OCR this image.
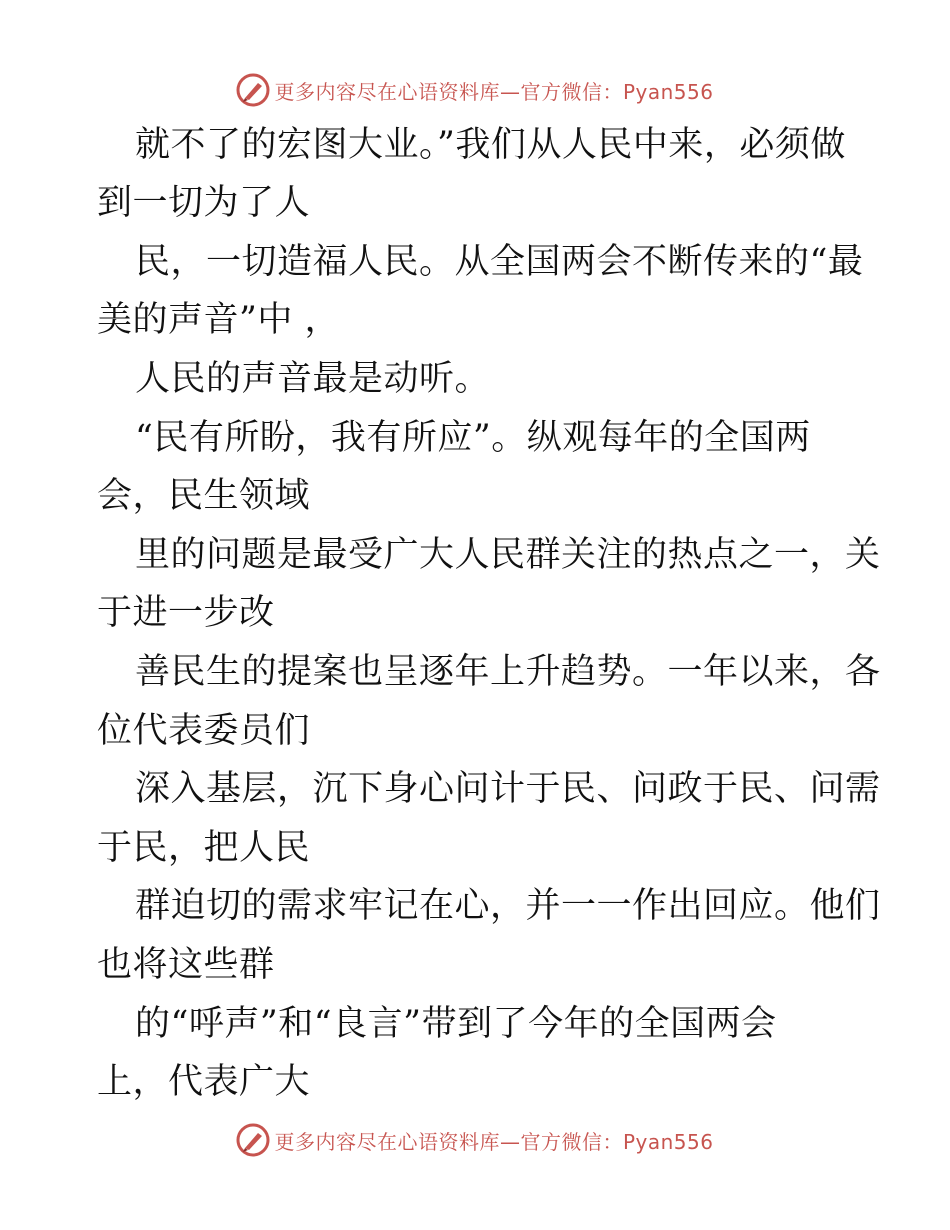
更多内容尽在心语资料库—官方微信：Pyan556
就不了的宏图大业。”我们从人民中来，必须做
到一切为了人
民，一切造福人民。从全国两会不断传来的“最
美的声音”中 ，
人民的声音最是动听。
“民有所盼，我有所应”。纵观每年的全国两
会，民生领域
里的问题是最受广大人民群关注的热点之一，关
于进一步改
善民生的提案也呈逐年上升趋势。一年以来，各
位代表委员们
深入基层，沉下身心问计于民、问政于民、问需
于民，把人民
群迫切的需求牢记在心，并一一作出回应。他们
也将这些群
的“呼声”和“良言”带到了今年的全国两会
上，代表广大
更多内容尽在心语资料库—官方微信：Pyan556
